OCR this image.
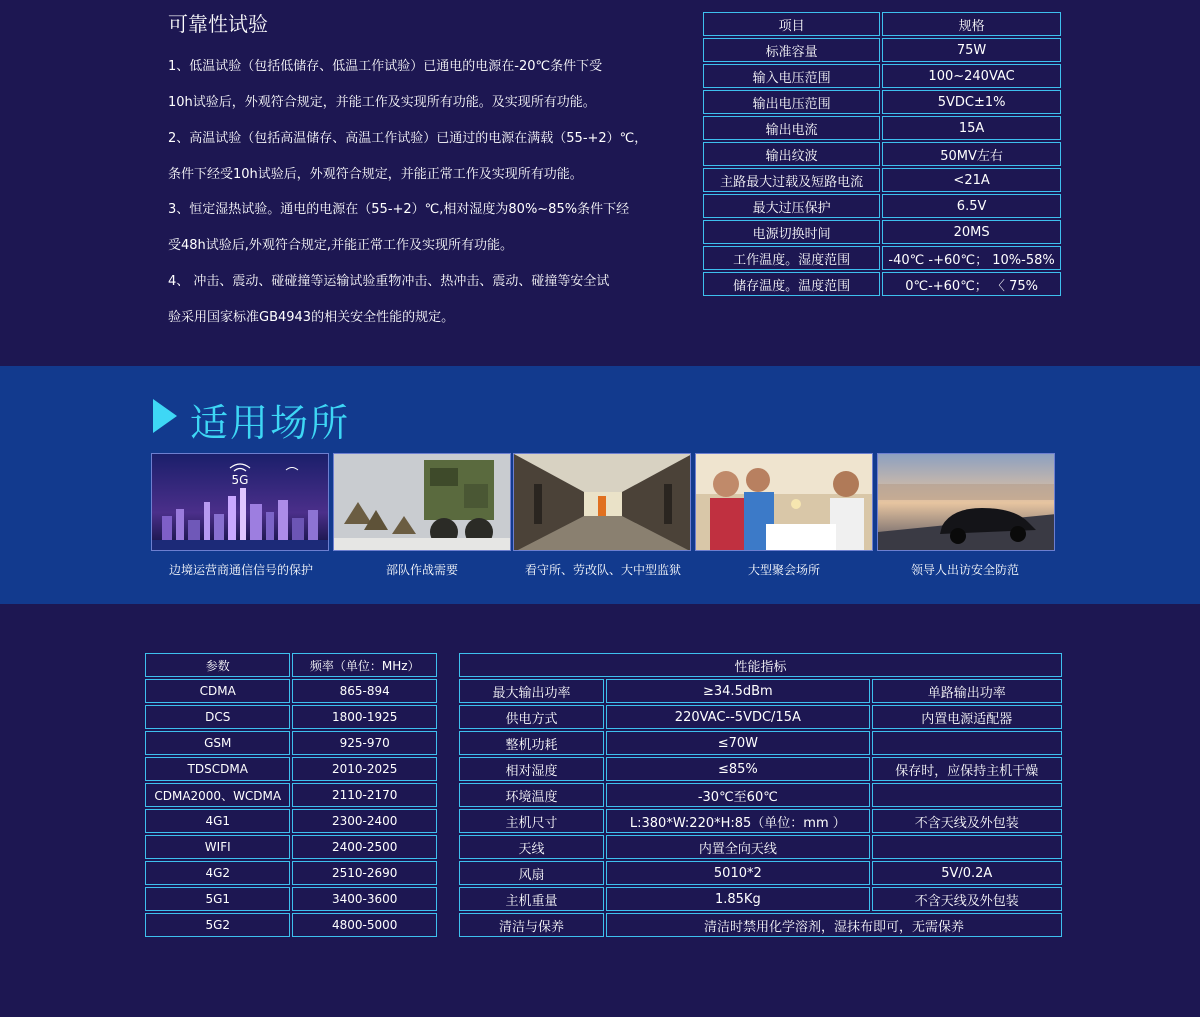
可靠性试验
1、低温试验（包括低储存、低温工作试验）已通电的电源在-20℃条件下受
10h试验后，外观符合规定，并能工作及实现所有功能。及实现所有功能。
2、高温试验（包括高温储存、高温工作试验）已通过的电源在满载（55-+2）℃，
条件下经受10h试验后，外观符合规定，并能正常工作及实现所有功能。
3、恒定湿热试验。通电的电源在（55-+2）℃,相对湿度为80%~85%条件下经
受48h试验后,外观符合规定,并能正常工作及实现所有功能。
4、 冲击、震动、碰碰撞等运输试验重物冲击、热冲击、震动、碰撞等安全试
验采用国家标准GB4943的相关安全性能的规定。
项目	规格
标准容量	75W
输入电压范围	100~240VAC
输出电压范围	5VDC±1%
输出电流	15A
输出纹波	50MV左右
主路最大过载及短路电流	<21A
最大过压保护	6.5V
电源切换时间	20MS
工作温度。湿度范围	-40℃ -+60℃； 10%-58%
储存温度。温度范围	0℃-+60℃； 〈 75%
适用场所
5G
边境运营商通信信号的保护	部队作战需要	看守所、劳改队、大中型监狱	大型聚会场所	领导人出访安全防范
参数	频率（单位：MHz）
CDMA	865-894
DCS	1800-1925
GSM	925-970
TDSCDMA	2010-2025
CDMA2000、WCDMA	2110-2170
4G1	2300-2400
WIFI	2400-2500
4G2	2510-2690
5G1	3400-3600
5G2	4800-5000
性能指标		
最大输出功率	≥34.5dBm	单路输出功率
供电方式	220VAC--5VDC/15A	内置电源适配器
整机功耗	≤70W	
相对湿度	≤85%	保存时，应保持主机干燥
环境温度	-30℃至60℃	
主机尺寸	L:380*W:220*H:85（单位：mm ）	不含天线及外包装
天线	内置全向天线	
风扇	5010*2	5V/0.2A
主机重量	1.85Kg	不含天线及外包装
清洁与保养	清洁时禁用化学溶剂，湿抹布即可，无需保养	
